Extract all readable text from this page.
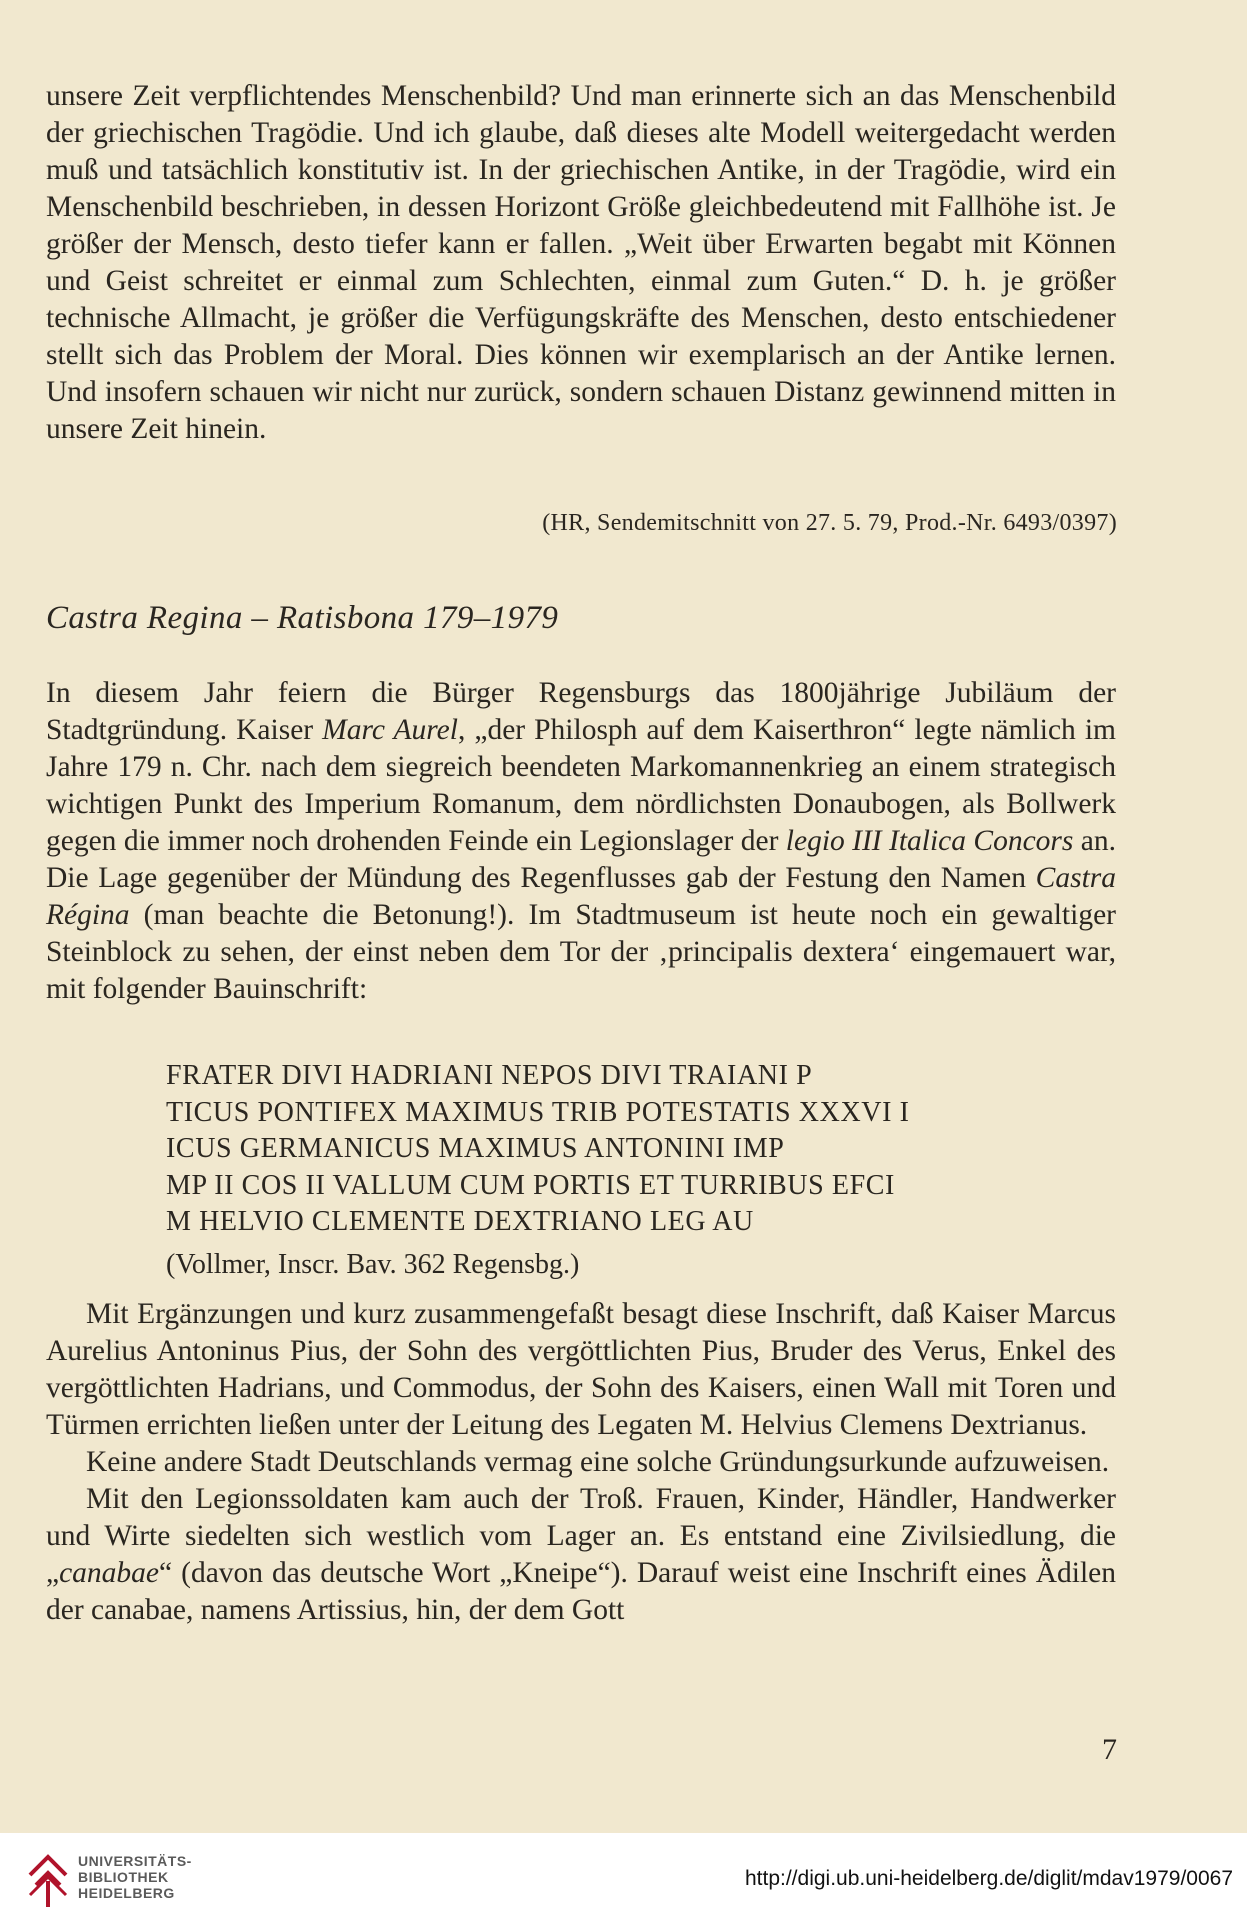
unsere Zeit verpflichtendes Menschenbild? Und man erinnerte sich an das Menschenbild der griechischen Tragödie. Und ich glaube, daß dieses alte Modell weitergedacht werden muß und tatsächlich konstitutiv ist. In der griechischen Antike, in der Tragödie, wird ein Menschenbild beschrieben, in dessen Horizont Größe gleichbedeutend mit Fallhöhe ist. Je größer der Mensch, desto tiefer kann er fallen. „Weit über Erwarten begabt mit Können und Geist schreitet er einmal zum Schlechten, einmal zum Guten.“ D. h. je größer technische Allmacht, je größer die Verfügungskräfte des Menschen, desto entschiedener stellt sich das Problem der Moral. Dies können wir exemplarisch an der Antike lernen. Und insofern schauen wir nicht nur zurück, sondern schauen Distanz gewinnend mitten in unsere Zeit hinein.

(HR, Sendemitschnitt von 27. 5. 79, Prod.-Nr. 6493/0397)
Castra Regina – Ratisbona 179–1979

In diesem Jahr feiern die Bürger Regensburgs das 1800jährige Jubiläum der Stadtgründung. Kaiser Marc Aurel, „der Philosph auf dem Kaiserthron“ legte nämlich im Jahre 179 n. Chr. nach dem siegreich beendeten Markomannenkrieg an einem strategisch wichtigen Punkt des Imperium Romanum, dem nördlichsten Donaubogen, als Bollwerk gegen die immer noch drohenden Feinde ein Legionslager der legio III Italica Concors an. Die Lage gegenüber der Mündung des Regenflusses gab der Festung den Namen Castra Régina (man beachte die Betonung!). Im Stadtmuseum ist heute noch ein gewaltiger Steinblock zu sehen, der einst neben dem Tor der ‚principalis dextera‘ eingemauert war, mit folgender Bauinschrift:

FRATER DIVI HADRIANI NEPOS DIVI TRAIANI P
TICUS PONTIFEX MAXIMUS TRIB POTESTATIS XXXVI I
ICUS GERMANICUS MAXIMUS ANTONINI IMP
MP II COS II VALLUM CUM PORTIS ET TURRIBUS EFCI
M HELVIO CLEMENTE DEXTRIANO LEG AU
(Vollmer, Inscr. Bav. 362 Regensbg.)

Mit Ergänzungen und kurz zusammengefaßt besagt diese Inschrift, daß Kaiser Marcus Aurelius Antoninus Pius, der Sohn des vergöttlichten Pius, Bruder des Verus, Enkel des vergöttlichten Hadrians, und Commodus, der Sohn des Kaisers, einen Wall mit Toren und Türmen errichten ließen unter der Leitung des Legaten M. Helvius Clemens Dextrianus.

Keine andere Stadt Deutschlands vermag eine solche Gründungsurkunde aufzuweisen.

Mit den Legionssoldaten kam auch der Troß. Frauen, Kinder, Händler, Handwerker und Wirte siedelten sich westlich vom Lager an. Es entstand eine Zivilsiedlung, die „canabae“ (davon das deutsche Wort „Kneipe“). Darauf weist eine Inschrift eines Ädilen der canabae, namens Artissius, hin, der dem Gott

7
UNIVERSITÄTS-
BIBLIOTHEK
HEIDELBERG
http://digi.ub.uni-heidelberg.de/diglit/mdav1979/0067
